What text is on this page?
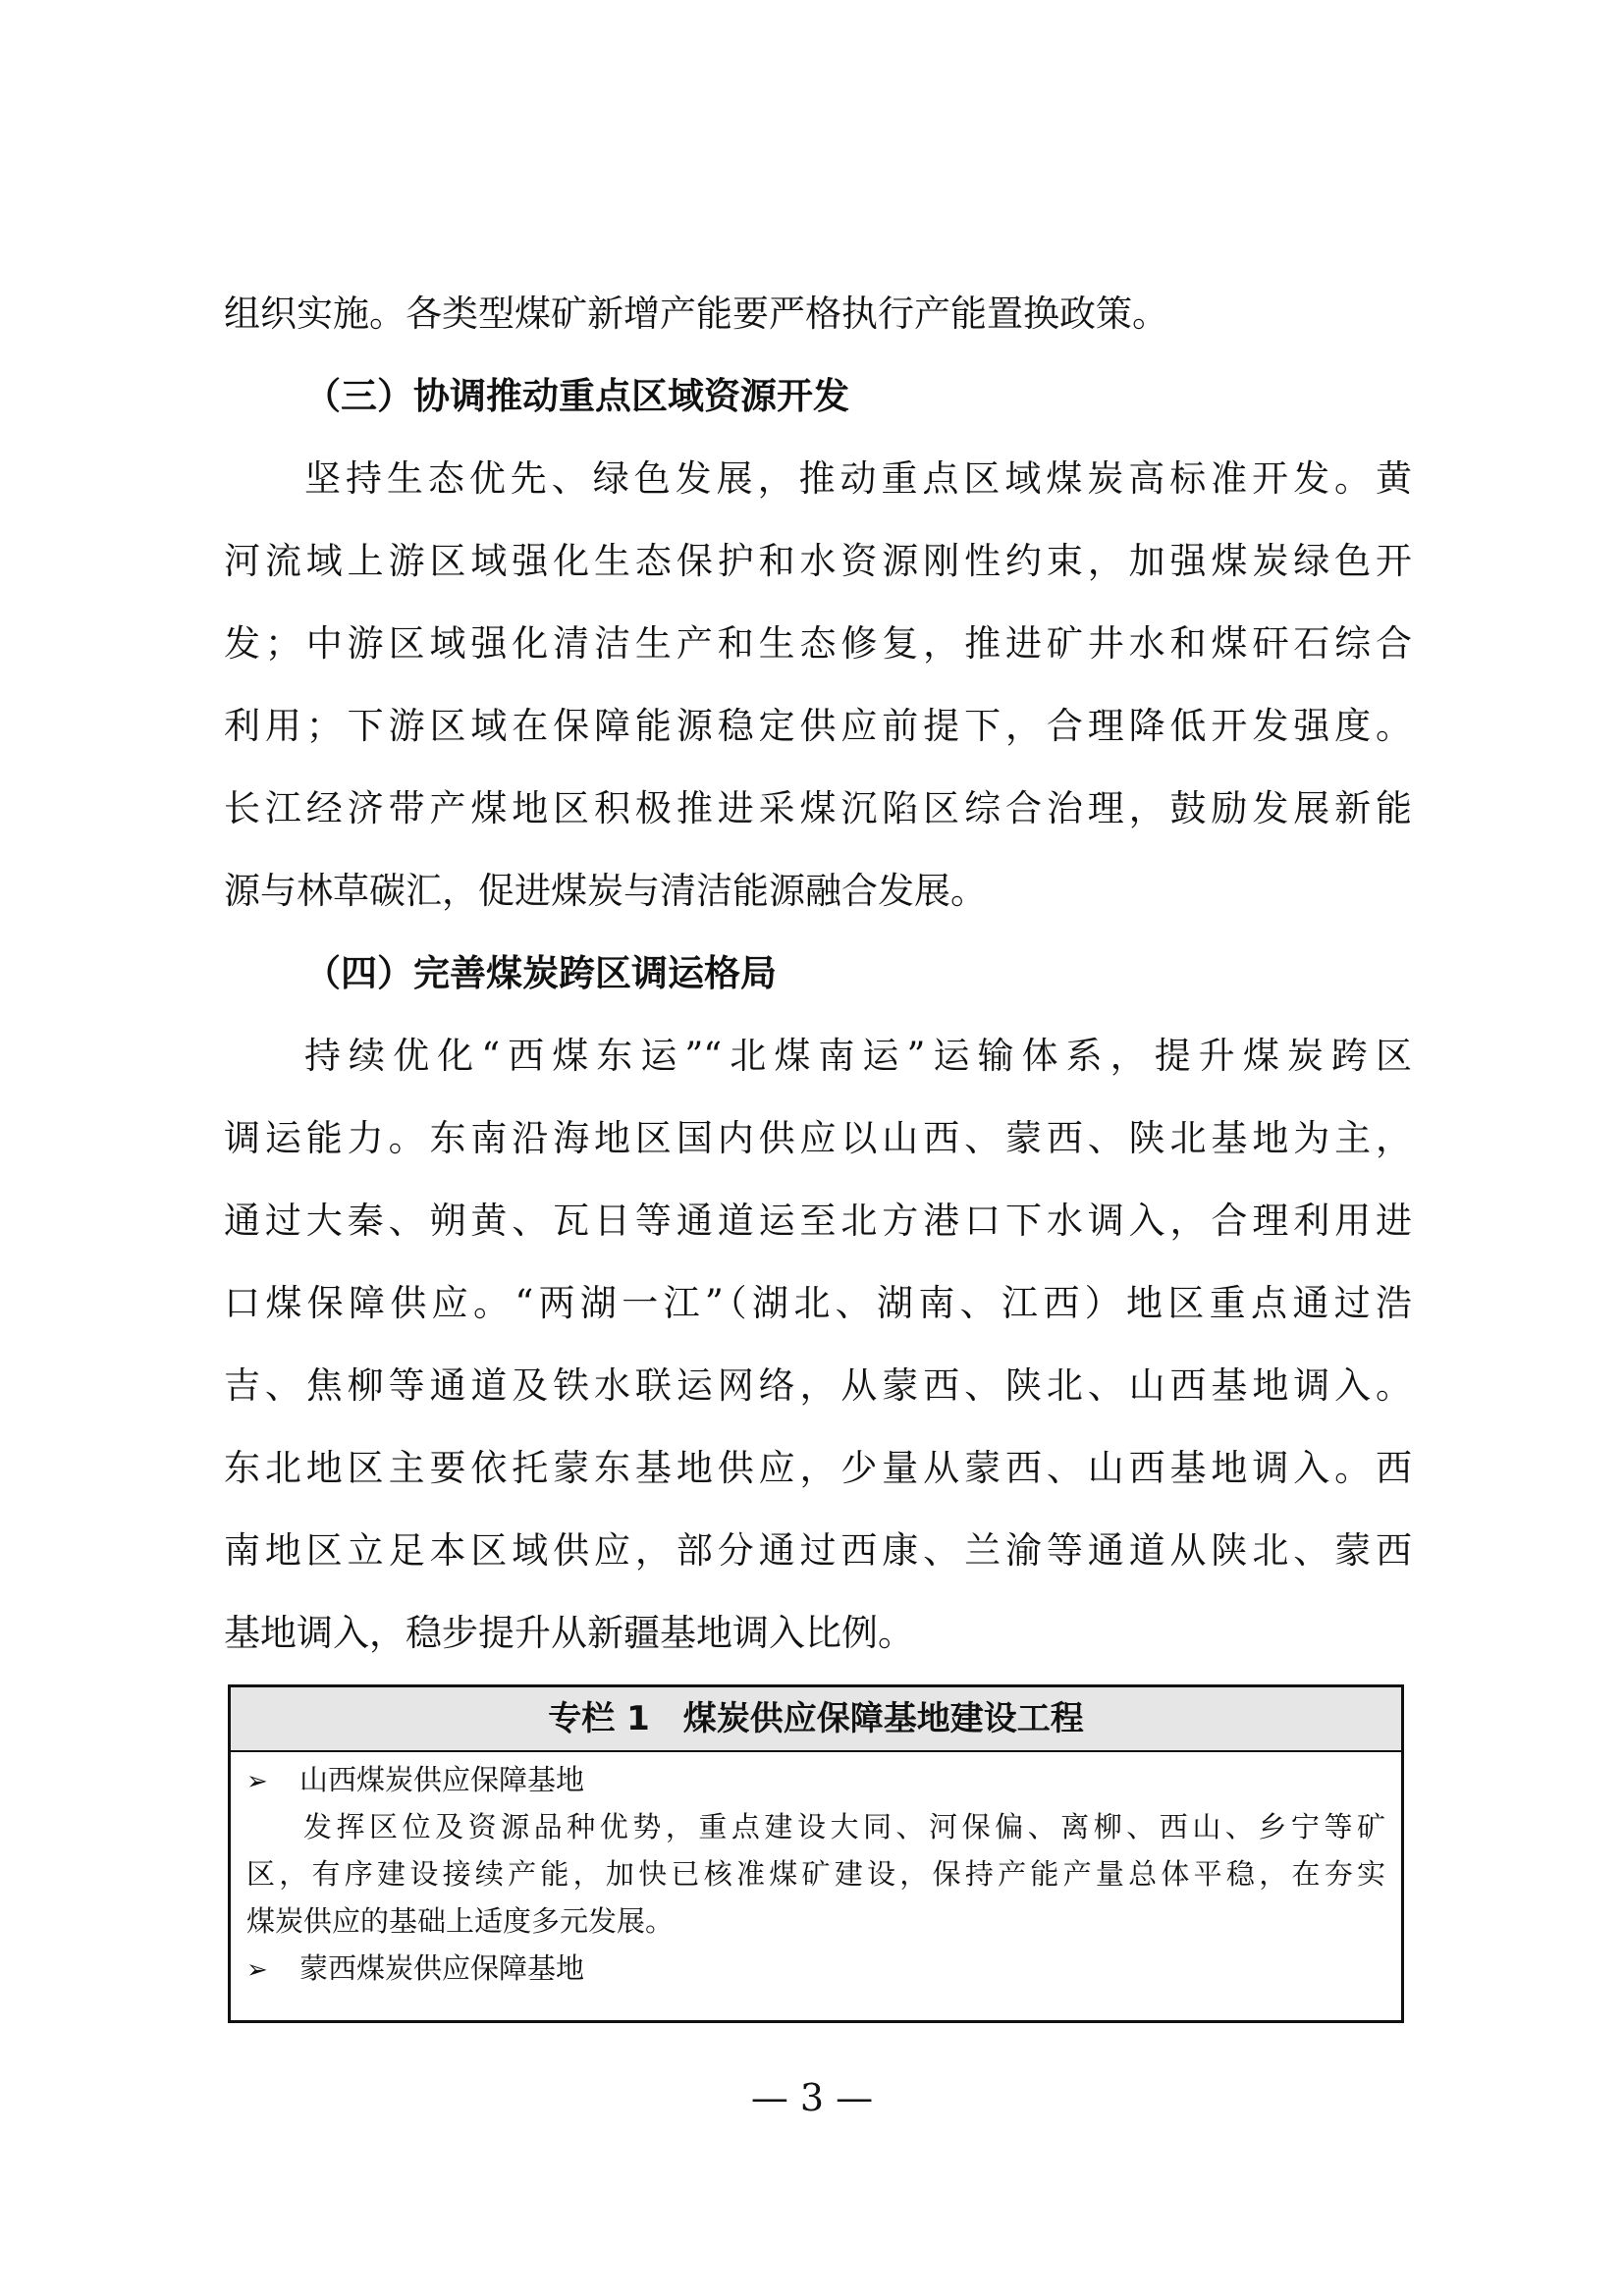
组织实施。各类型煤矿新增产能要严格执行产能置换政策。
（三）协调推动重点区域资源开发
坚持生态优先、绿色发展，推动重点区域煤炭高标准开发。黄
河流域上游区域强化生态保护和水资源刚性约束，加强煤炭绿色开
发；中游区域强化清洁生产和生态修复，推进矿井水和煤矸石综合
利用；下游区域在保障能源稳定供应前提下，合理降低开发强度。
长江经济带产煤地区积极推进采煤沉陷区综合治理，鼓励发展新能
源与林草碳汇，促进煤炭与清洁能源融合发展。
（四）完善煤炭跨区调运格局
持续优化“西煤东运”“北煤南运”运输体系，提升煤炭跨区
调运能力。东南沿海地区国内供应以山西、蒙西、陕北基地为主，
通过大秦、朔黄、瓦日等通道运至北方港口下水调入，合理利用进
口煤保障供应。“两湖一江”（湖北、湖南、江西）地区重点通过浩
吉、焦柳等通道及铁水联运网络，从蒙西、陕北、山西基地调入。
东北地区主要依托蒙东基地供应，少量从蒙西、山西基地调入。西
南地区立足本区域供应，部分通过西康、兰渝等通道从陕北、蒙西
基地调入，稳步提升从新疆基地调入比例。
专栏 1　煤炭供应保障基地建设工程
➢ 山西煤炭供应保障基地
发挥区位及资源品种优势，重点建设大同、河保偏、离柳、西山、乡宁等矿
区，有序建设接续产能，加快已核准煤矿建设，保持产能产量总体平稳，在夯实
煤炭供应的基础上适度多元发展。
➢ 蒙西煤炭供应保障基地
— 3 —
